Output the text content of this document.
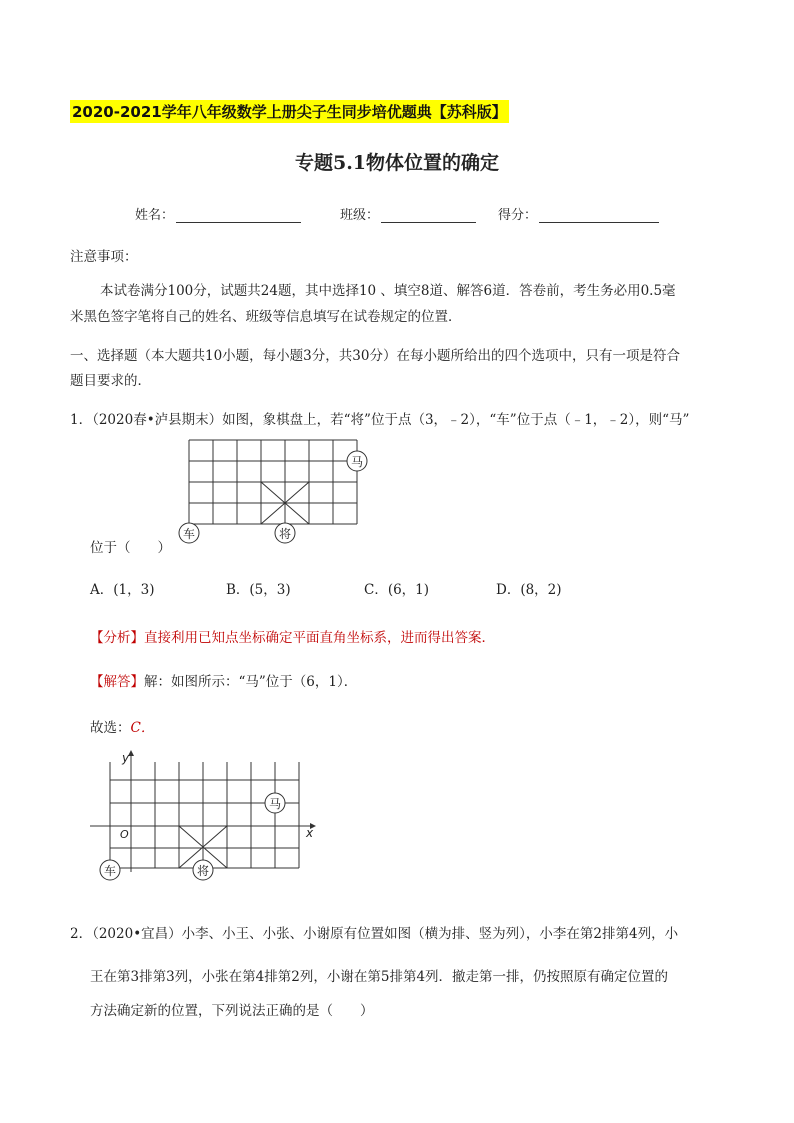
2020-2021学年八年级数学上册尖子生同步培优题典【苏科版】
专题5.1物体位置的确定
姓名：	班级：	得分：
注意事项：
本试卷满分100分，试题共24题，其中选择10 、填空8道、解答6道．答卷前，考生务必用0.5毫
米黑色签字笔将自己的姓名、班级等信息填写在试卷规定的位置．
一、选择题（本大题共10小题，每小题3分，共30分）在每小题所给出的四个选项中，只有一项是符合
题目要求的．
1．（2020春•泸县期末）如图，象棋盘上，若“将”位于点（3，﹣2），“车”位于点（﹣1，﹣2），则“马”
马
将
车
位于（　　）
A．(1，3)	B．(5，3)	C．(6，1)	D．(8，2)
【分析】直接利用已知点坐标确定平面直角坐标系，进而得出答案．
【解答】解：如图所示：“马”位于（6，1）．
故选：C．
y
x
O
马
将
车
2．（2020•宜昌）小李、小王、小张、小谢原有位置如图（横为排、竖为列），小李在第2排第4列，小
王在第3排第3列，小张在第4排第2列，小谢在第5排第4列．撤走第一排，仍按照原有确定位置的
方法确定新的位置，下列说法正确的是（　　）
